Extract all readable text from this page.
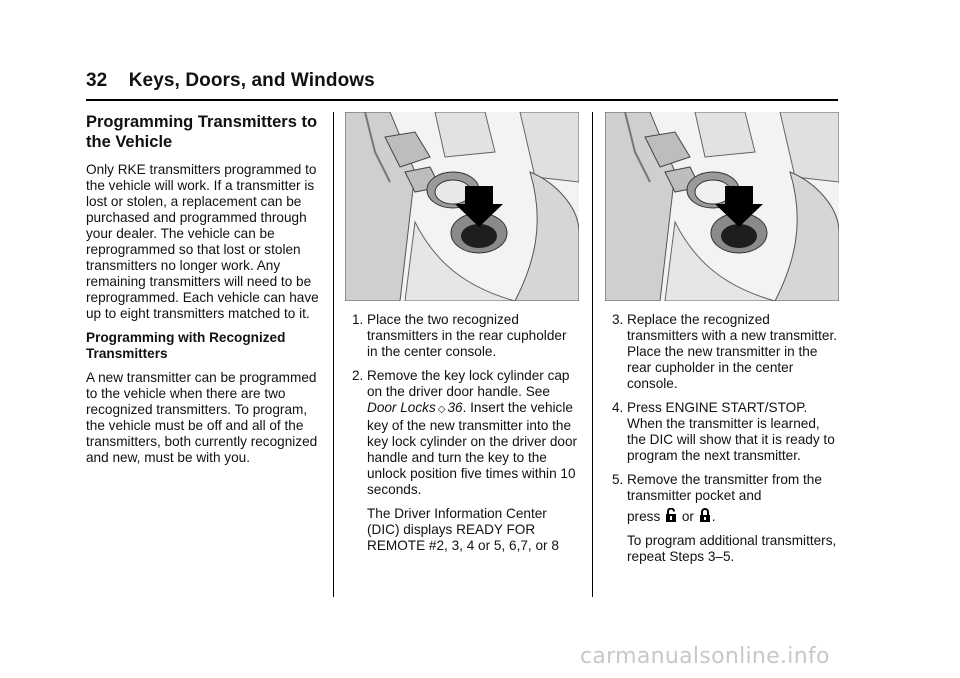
32 Keys, Doors, and Windows
Programming Transmitters to the Vehicle

Only RKE transmitters programmed to the vehicle will work. If a transmitter is lost or stolen, a replacement can be purchased and programmed through your dealer. The vehicle can be reprogrammed so that lost or stolen transmitters no longer work. Any remaining transmitters will need to be reprogrammed. Each vehicle can have up to eight transmitters matched to it.

Programming with Recognized Transmitters

A new transmitter can be programmed to the vehicle when there are two recognized transmitters. To program, the vehicle must be off and all of the transmitters, both currently recognized and new, must be with you.

1. Place the two recognized transmitters in the rear cupholder in the center console.
2. Remove the key lock cylinder cap on the driver door handle. See Door Locks ◇ 36. Insert the vehicle key of the new transmitter into the key lock cylinder on the driver door handle and turn the key to the unlock position five times within 10 seconds.
The Driver Information Center (DIC) displays READY FOR REMOTE #2, 3, 4 or 5, 6,7, or 8
3. Replace the recognized transmitters with a new transmitter. Place the new transmitter in the rear cupholder in the center console.
4. Press ENGINE START/STOP. When the transmitter is learned, the DIC will show that it is ready to program the next transmitter.
5. Remove the transmitter from the transmitter pocket and
press or .
To program additional transmitters, repeat Steps 3–5.
carmanualsonline.info
